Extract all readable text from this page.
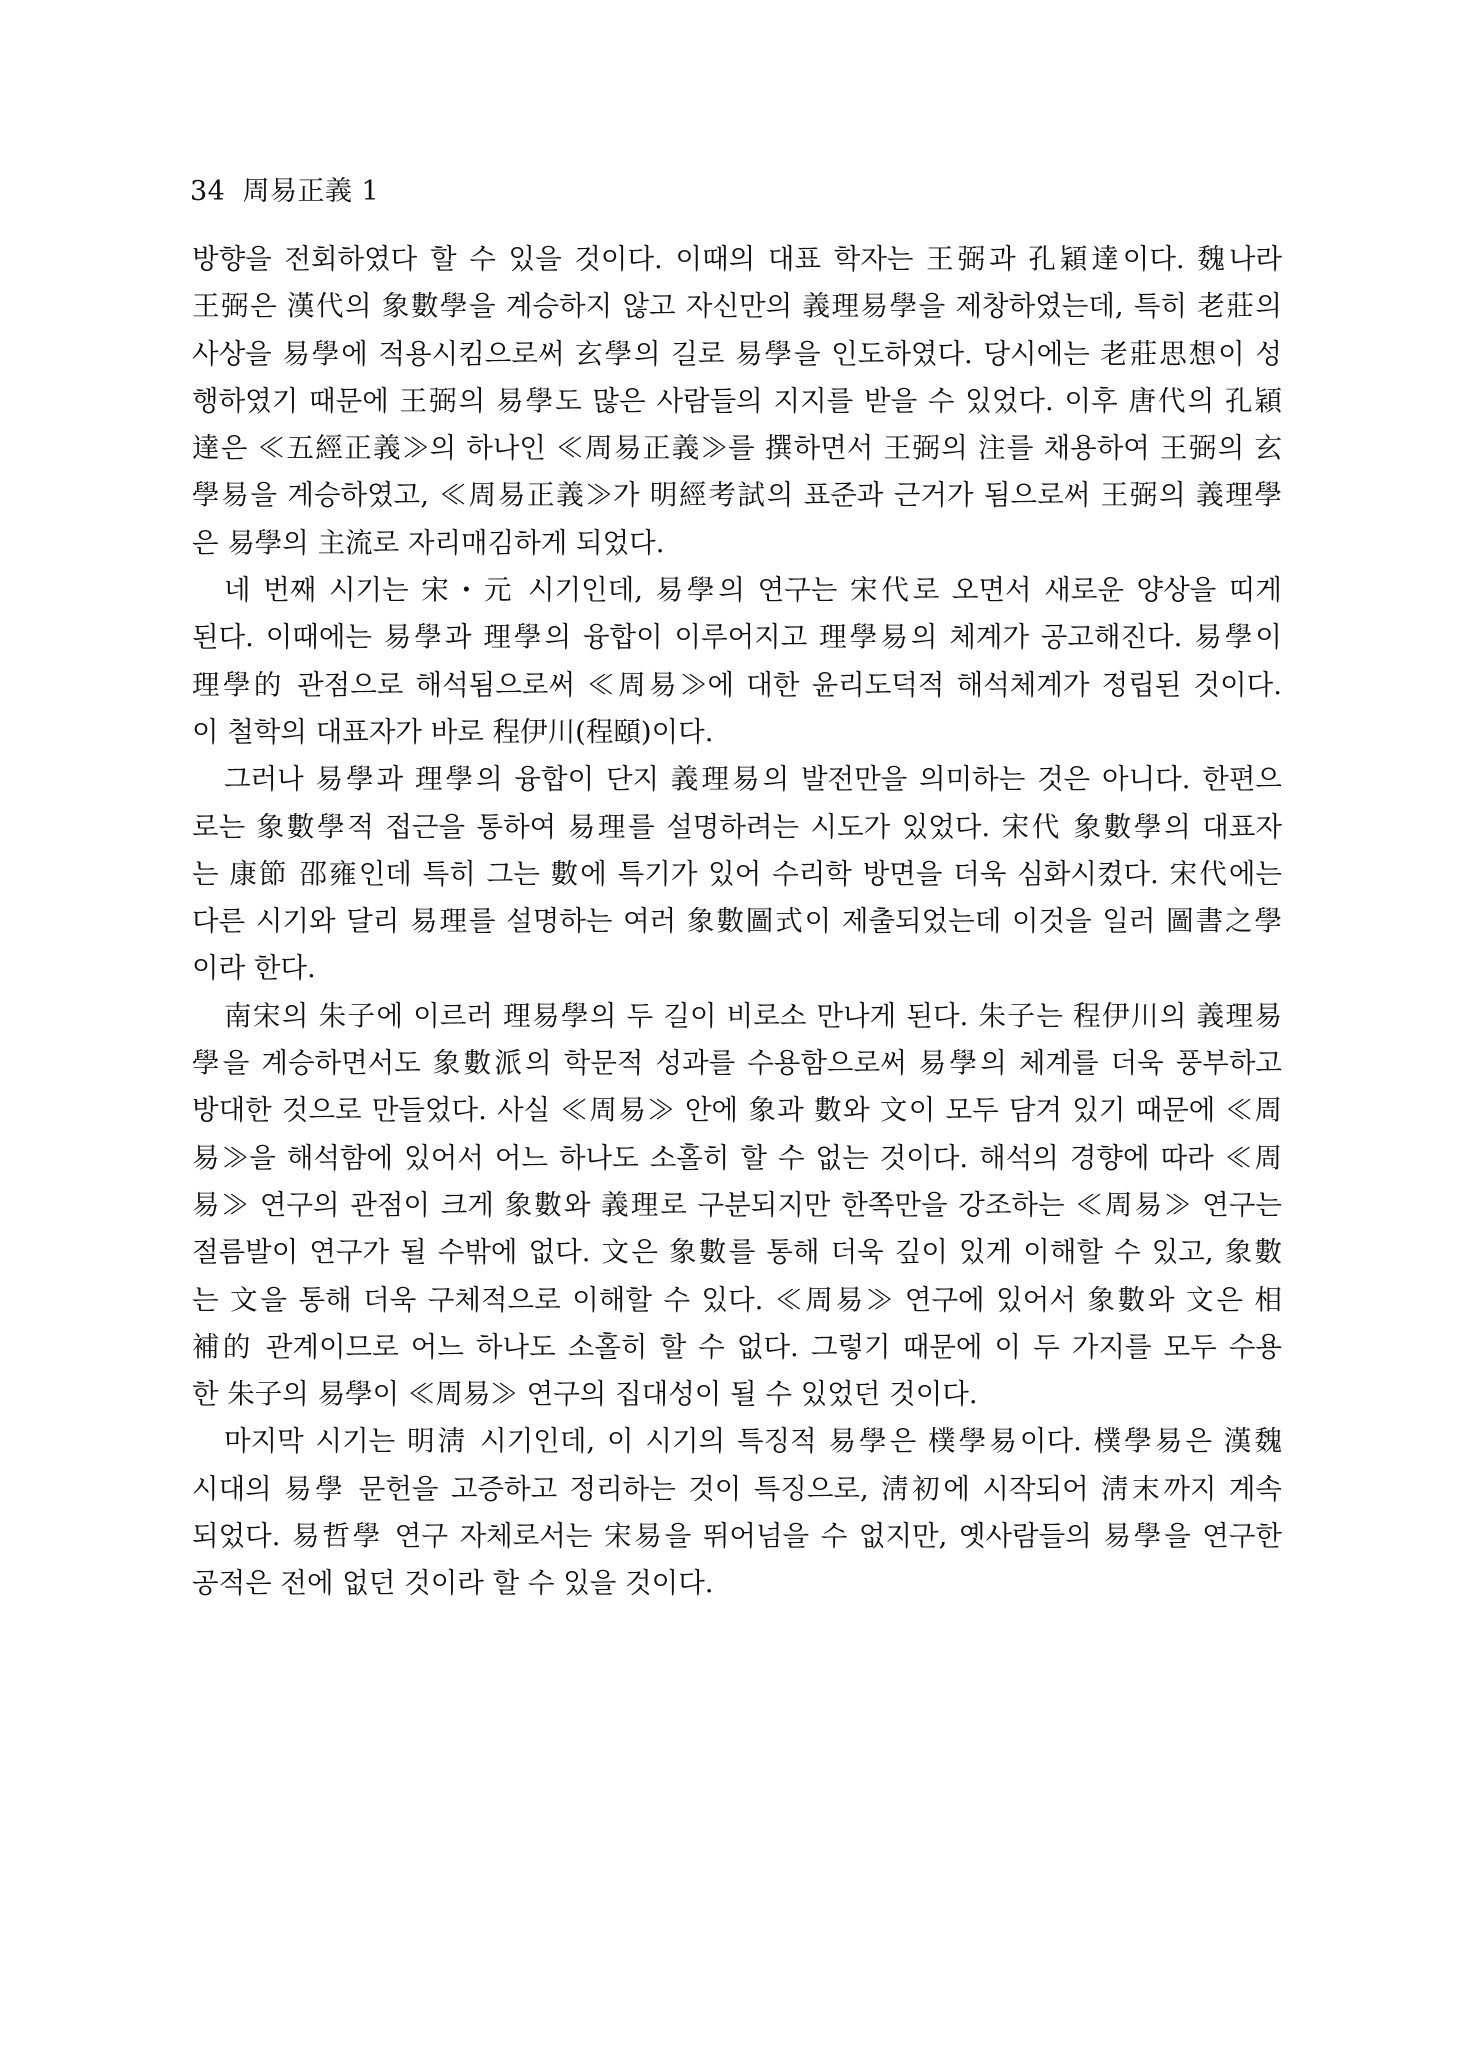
34 周易正義 1
방향을 전회하였다 할 수 있을 것이다. 이때의 대표 학자는 王弼과 孔穎達이다. 魏나라
王弼은 漢代의 象數學을 계승하지 않고 자신만의 義理易學을 제창하였는데, 특히 老莊의
사상을 易學에 적용시킴으로써 玄學의 길로 易學을 인도하였다. 당시에는 老莊思想이 성
행하였기 때문에 王弼의 易學도 많은 사람들의 지지를 받을 수 있었다. 이후 唐代의 孔穎
達은 ≪五經正義≫의 하나인 ≪周易正義≫를 撰하면서 王弼의 注를 채용하여 王弼의 玄
學易을 계승하였고, ≪周易正義≫가 明經考試의 표준과 근거가 됨으로써 王弼의 義理學
은 易學의 主流로 자리매김하게 되었다.
네 번째 시기는 宋・元 시기인데, 易學의 연구는 宋代로 오면서 새로운 양상을 띠게
된다. 이때에는 易學과 理學의 융합이 이루어지고 理學易의 체계가 공고해진다. 易學이
理學的 관점으로 해석됨으로써 ≪周易≫에 대한 윤리도덕적 해석체계가 정립된 것이다.
이 철학의 대표자가 바로 程伊川(程頤)이다.
그러나 易學과 理學의 융합이 단지 義理易의 발전만을 의미하는 것은 아니다. 한편으
로는 象數學적 접근을 통하여 易理를 설명하려는 시도가 있었다. 宋代 象數學의 대표자
는 康節 邵雍인데 특히 그는 數에 특기가 있어 수리학 방면을 더욱 심화시켰다. 宋代에는
다른 시기와 달리 易理를 설명하는 여러 象數圖式이 제출되었는데 이것을 일러 圖書之學
이라 한다.
南宋의 朱子에 이르러 理易學의 두 길이 비로소 만나게 된다. 朱子는 程伊川의 義理易
學을 계승하면서도 象數派의 학문적 성과를 수용함으로써 易學의 체계를 더욱 풍부하고
방대한 것으로 만들었다. 사실 ≪周易≫ 안에 象과 數와 文이 모두 담겨 있기 때문에 ≪周
易≫을 해석함에 있어서 어느 하나도 소홀히 할 수 없는 것이다. 해석의 경향에 따라 ≪周
易≫ 연구의 관점이 크게 象數와 義理로 구분되지만 한쪽만을 강조하는 ≪周易≫ 연구는
절름발이 연구가 될 수밖에 없다. 文은 象數를 통해 더욱 깊이 있게 이해할 수 있고, 象數
는 文을 통해 더욱 구체적으로 이해할 수 있다. ≪周易≫ 연구에 있어서 象數와 文은 相
補的 관계이므로 어느 하나도 소홀히 할 수 없다. 그렇기 때문에 이 두 가지를 모두 수용
한 朱子의 易學이 ≪周易≫ 연구의 집대성이 될 수 있었던 것이다.
마지막 시기는 明淸 시기인데, 이 시기의 특징적 易學은 樸學易이다. 樸學易은 漢魏
시대의 易學 문헌을 고증하고 정리하는 것이 특징으로, 淸初에 시작되어 淸末까지 계속
되었다. 易哲學 연구 자체로서는 宋易을 뛰어넘을 수 없지만, 옛사람들의 易學을 연구한
공적은 전에 없던 것이라 할 수 있을 것이다.
